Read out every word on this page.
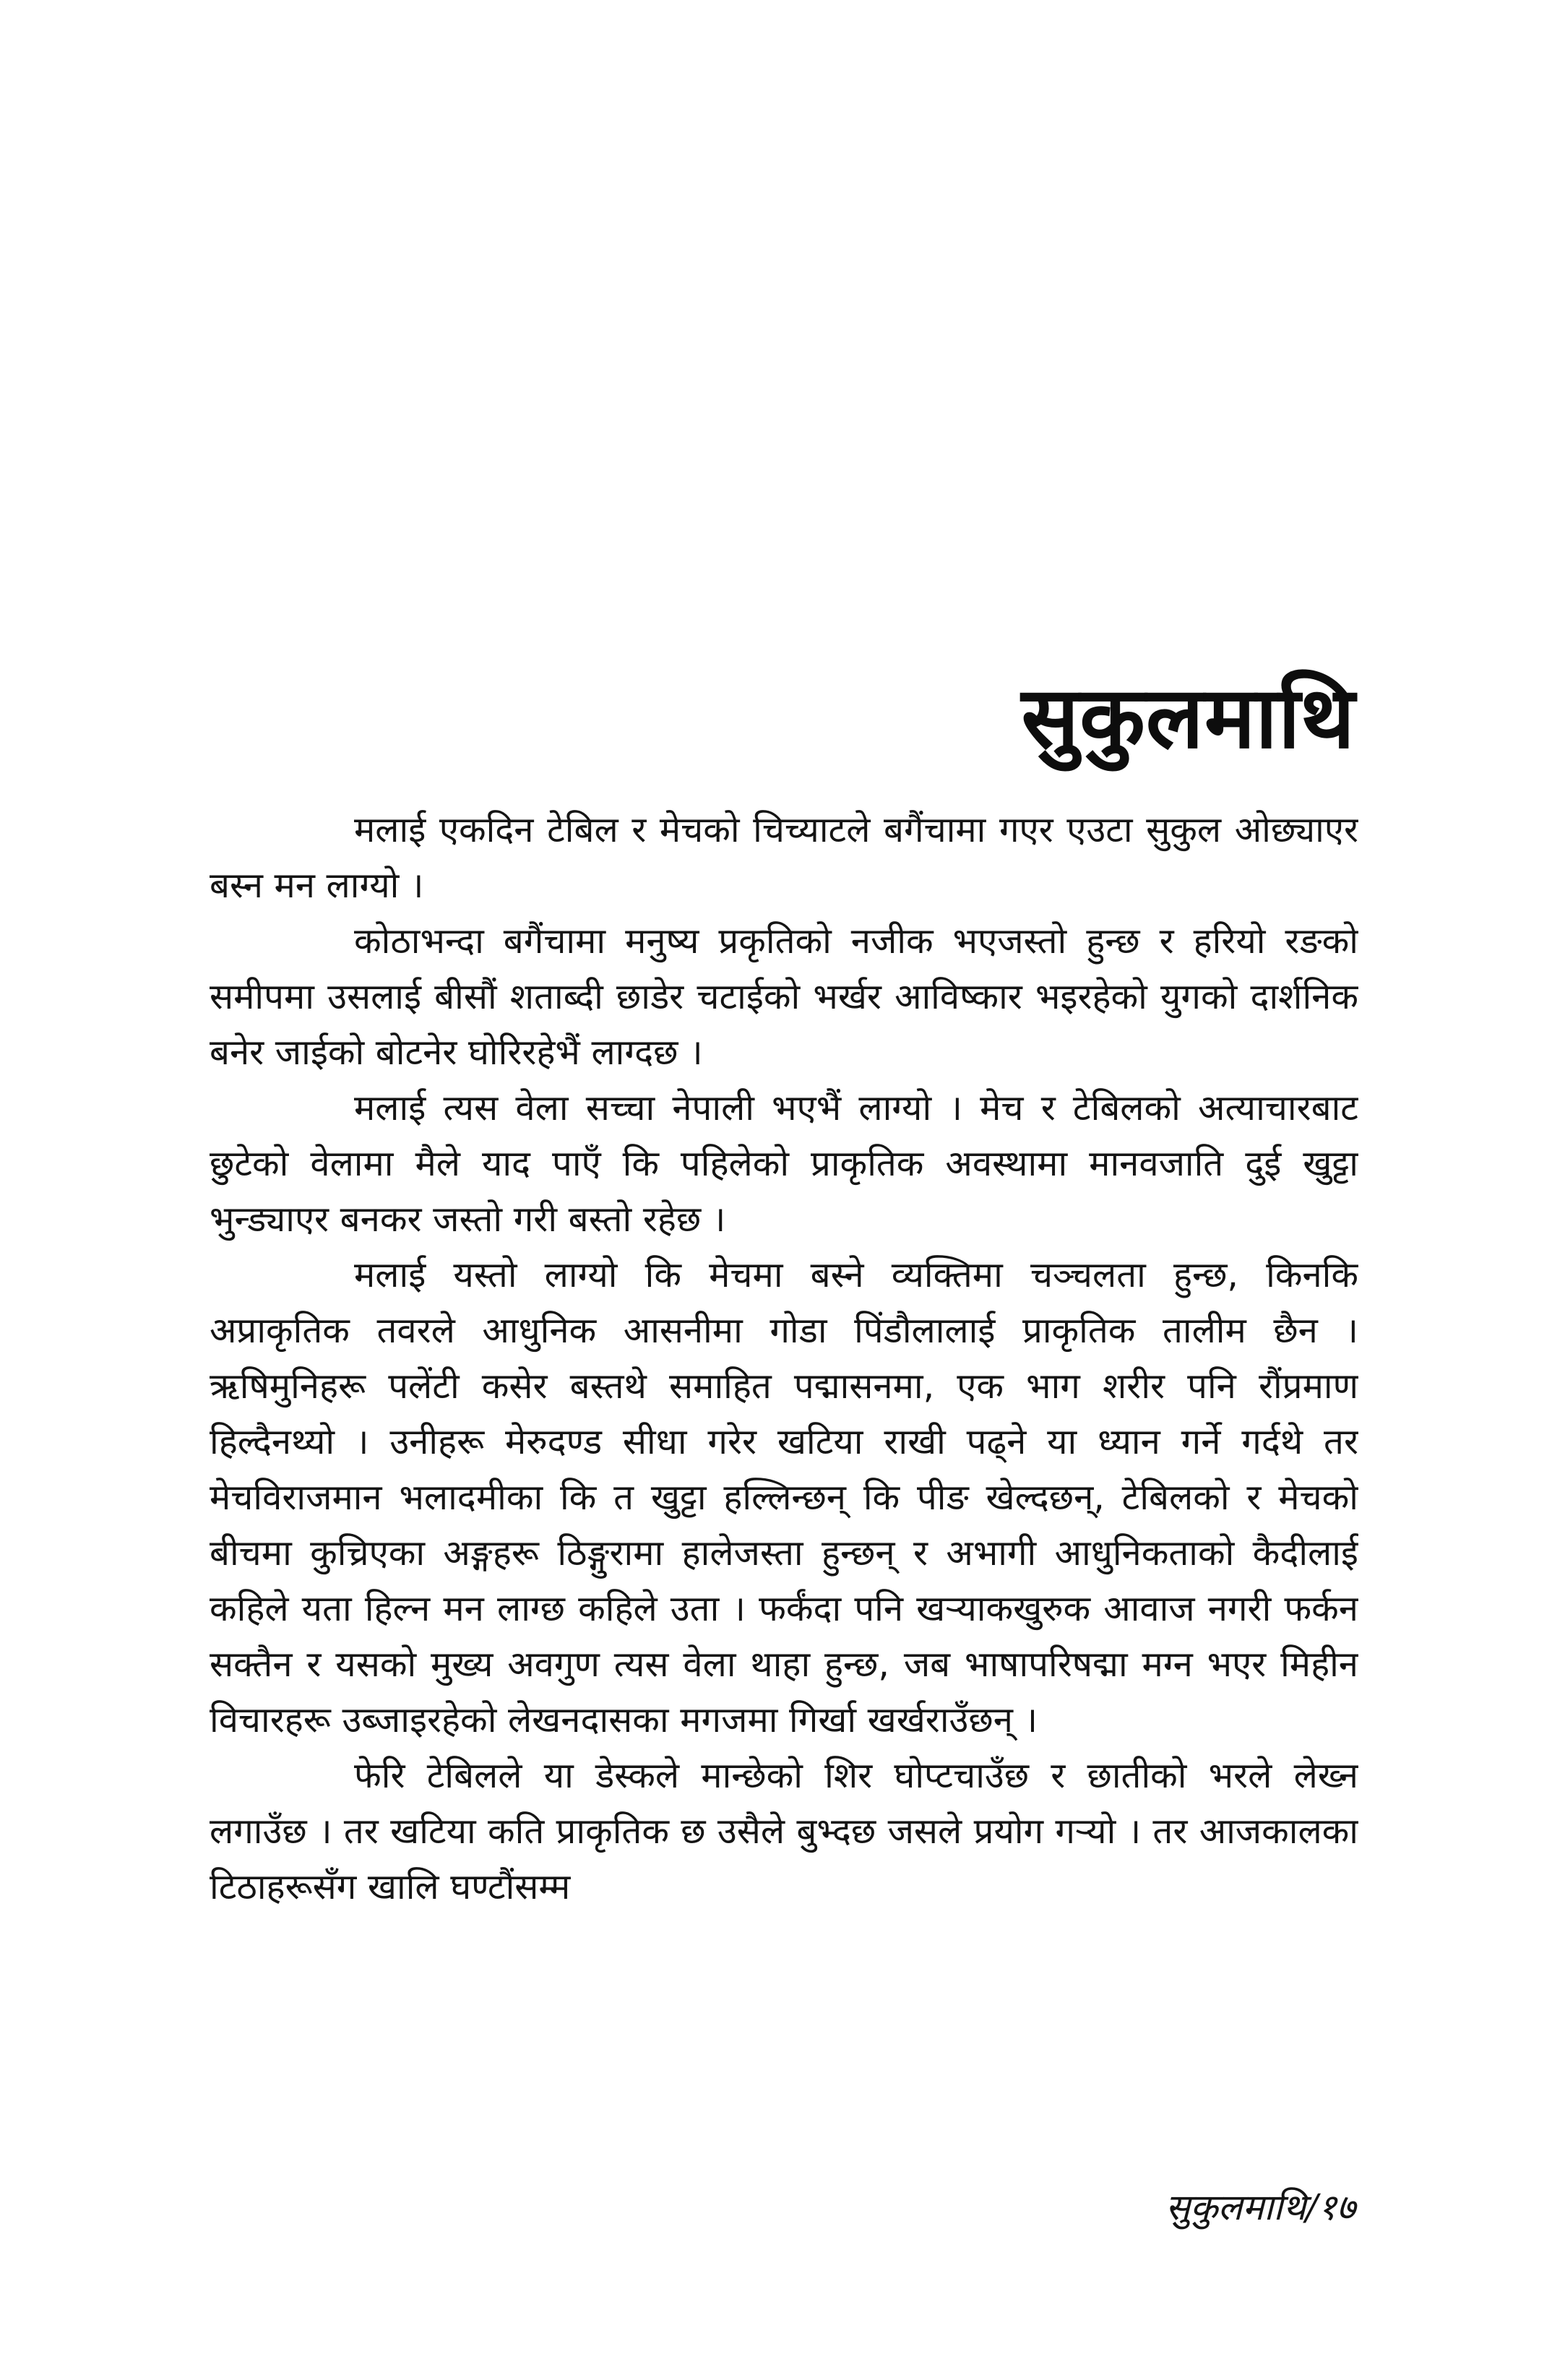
सुकुलमाथि

मलाई एकदिन टेबिल र मेचको चिच्याटले बगैंचामा गएर एउटा सुकुल ओछ्याएर बस्न मन लाग्यो ।

कोठाभन्दा बगैंचामा मनुष्य प्रकृतिको नजीक भएजस्तो हुन्छ र हरियो रङको समीपमा उसलाई बीसौं शताब्दी छाडेर चटाईको भर्खर आविष्कार भइरहेको युगको दार्शनिक बनेर जाईको बोटनेर घोरिरहेभैं लाग्दछ ।

मलाई त्यस वेला सच्चा नेपाली भएभैं लाग्यो । मेच र टेबिलको अत्याचारबाट छुटेको वेलामा मैले याद पाएँ कि पहिलेको प्राकृतिक अवस्थामा मानवजाति दुई खुट्टा भुन्ड्याएर बनकर जस्तो गरी बस्तो रहेछ ।

मलाई यस्तो लाग्यो कि मेचमा बस्ने व्यक्तिमा चञ्चलता हुन्छ, किनकि अप्राकृतिक तवरले आधुनिक आसनीमा गोडा पिंडौलालाई प्राकृतिक तालीम छैन । ऋषिमुनिहरू पलेंटी कसेर बस्तथे समाहित पद्मासनमा, एक भाग शरीर पनि रौंप्रमाण हिल्दैनथ्यो । उनीहरू मेरुदण्ड सीधा गरेर खटिया राखी पढ्ने या ध्यान गर्ने गर्दथे तर मेचविराजमान भलादमीका कि त खुट्टा हल्लिन्छन् कि पीङ खेल्दछन्, टेबिलको र मेचको बीचमा कुच्रिएका अङ्गहरू ठिङ्गुरामा हालेजस्ता हुन्छन् र अभागी आधुनिकताको कैदीलाई कहिले यता हिल्न मन लाग्छ कहिले उता । फर्कंदा पनि खऱ्याकखुरुक आवाज नगरी फर्कन सक्तैन र यसको मुख्य अवगुण त्यस वेला थाहा हुन्छ, जब भाषापरिषद्मा मग्न भएर मिहीन विचारहरू उब्जाइरहेको लेखनदासका मगजमा गिर्खा खर्खराउँछन् ।

फेरि टेबिलले या डेस्कले मान्छेको शिर घोप्टचाउँछ र छातीको भरले लेख्न लगाउँछ । तर खटिया कति प्राकृतिक छ उसैले बुभ्दछ जसले प्रयोग गऱ्यो । तर आजकालका टिठाहरूसँग खालि घण्टौंसम्म

सुकुलमाथि/१७
